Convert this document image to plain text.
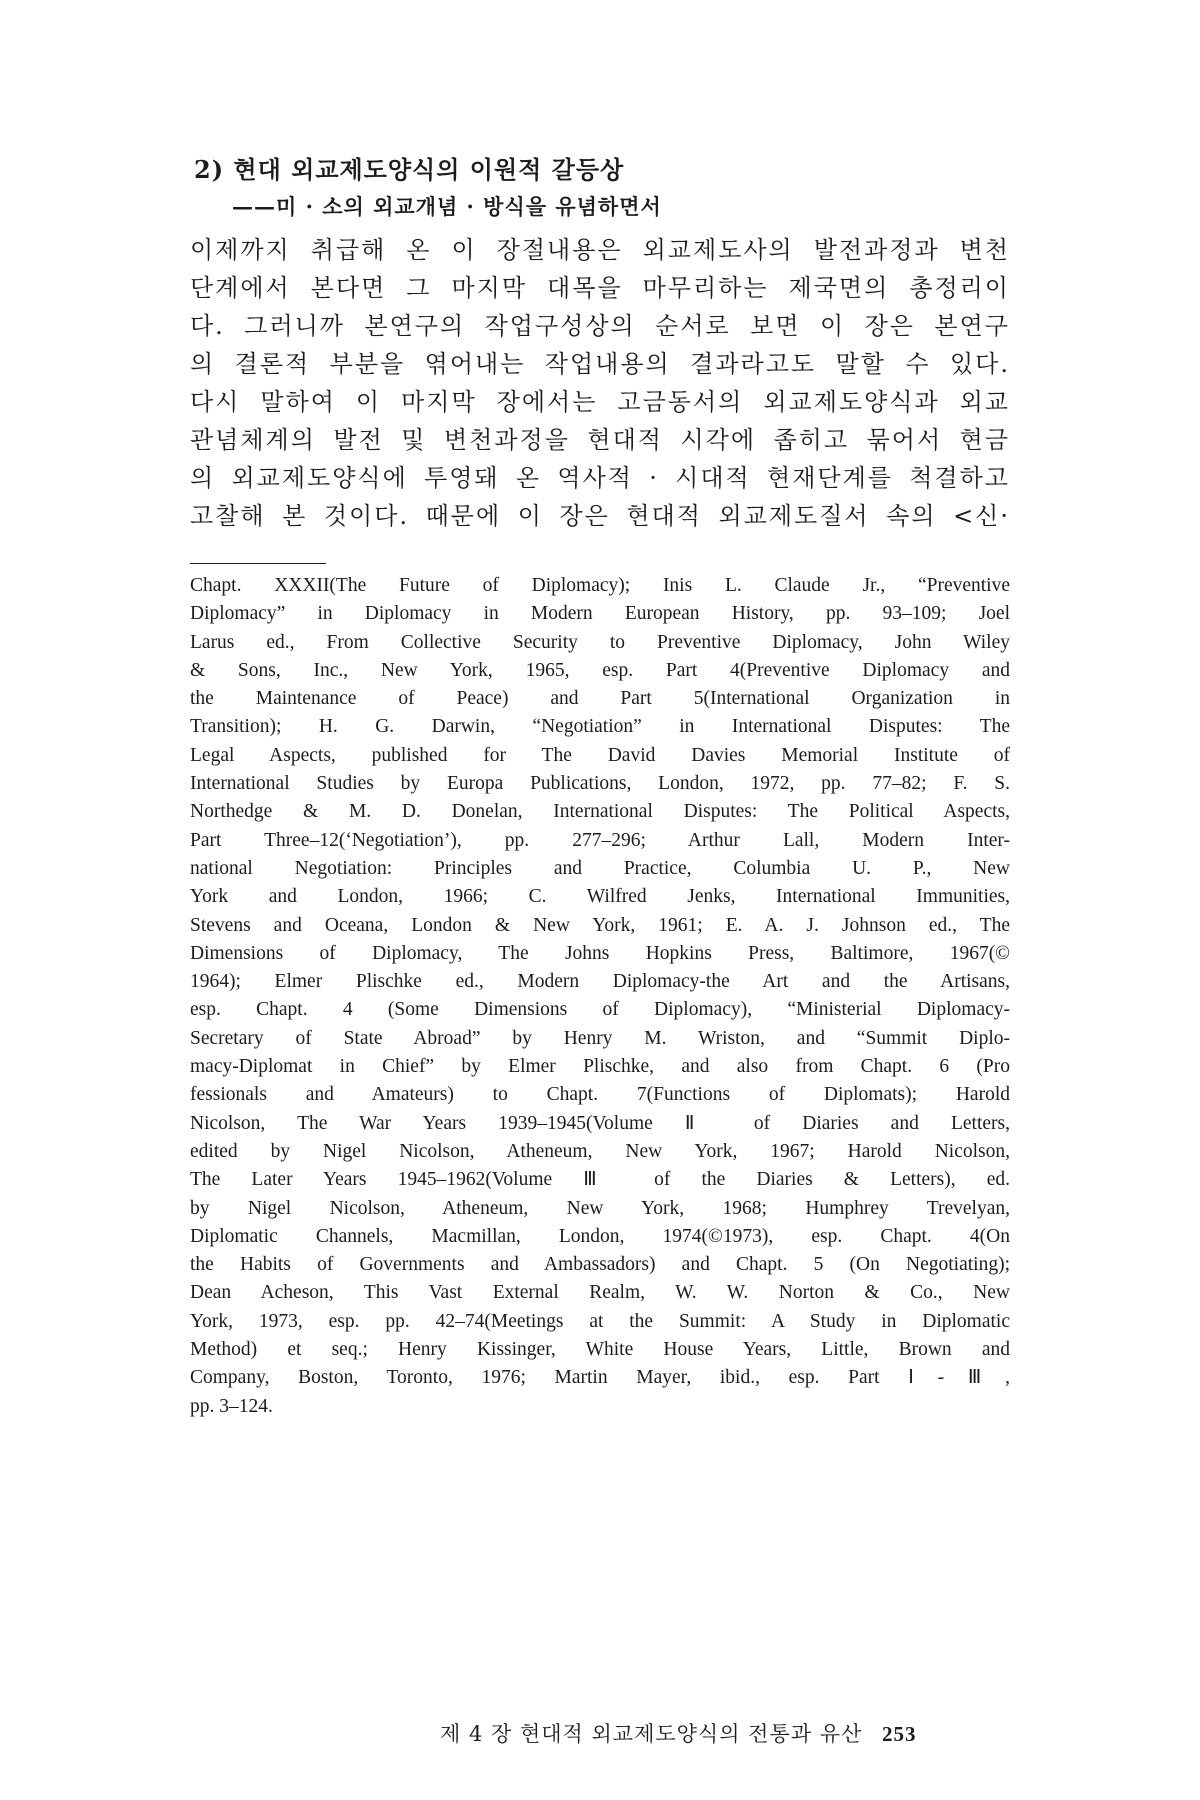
2) 현대 외교제도양식의 이원적 갈등상
——미 · 소의 외교개념 · 방식을 유념하면서

이제까지 취급해 온 이 장절내용은 외교제도사의 발전과정과 변천

단계에서 본다면 그 마지막 대목을 마무리하는 제국면의 총정리이

다. 그러니까 본연구의 작업구성상의 순서로 보면 이 장은 본연구

의 결론적 부분을 엮어내는 작업내용의 결과라고도 말할 수 있다.

다시 말하여 이 마지막 장에서는 고금동서의 외교제도양식과 외교

관념체계의 발전 및 변천과정을 현대적 시각에 좁히고 묶어서 현금

의 외교제도양식에 투영돼 온 역사적 · 시대적 현재단계를 척결하고

고찰해 본 것이다. 때문에 이 장은 현대적 외교제도질서 속의 <신·

Chapt. XXXII(The Future of Diplomacy); Inis L. Claude Jr., “Preventive

Diplomacy” in Diplomacy in Modern European History, pp. 93–109; Joel

Larus ed., From Collective Security to Preventive Diplomacy, John Wiley

& Sons, Inc., New York, 1965, esp. Part 4(Preventive Diplomacy and

the Maintenance of Peace) and Part 5(International Organization in

Transition); H. G. Darwin, “Negotiation” in International Disputes: The

Legal Aspects, published for The David Davies Memorial Institute of

International Studies by Europa Publications, London, 1972, pp. 77–82; F. S.

Northedge & M. D. Donelan, International Disputes: The Political Aspects,

Part Three–12(‘Negotiation’), pp. 277–296; Arthur Lall, Modern Inter-

national Negotiation: Principles and Practice, Columbia U. P., New

York and London, 1966; C. Wilfred Jenks, International Immunities,

Stevens and Oceana, London & New York, 1961; E. A. J. Johnson ed., The

Dimensions of Diplomacy, The Johns Hopkins Press, Baltimore, 1967(©

1964); Elmer Plischke ed., Modern Diplomacy-the Art and the Artisans,

esp. Chapt. 4 (Some Dimensions of Diplomacy), “Ministerial Diplomacy-

Secretary of State Abroad” by Henry M. Wriston, and “Summit Diplo-

macy-Diplomat in Chief” by Elmer Plischke, and also from Chapt. 6 (Pro

fessionals and Amateurs) to Chapt. 7(Functions of Diplomats); Harold

Nicolson, The War Years 1939–1945(Volume Ⅱ of Diaries and Letters,

edited by Nigel Nicolson, Atheneum, New York, 1967; Harold Nicolson,

The Later Years 1945–1962(Volume Ⅲ of the Diaries & Letters), ed.

by Nigel Nicolson, Atheneum, New York, 1968; Humphrey Trevelyan,

Diplomatic Channels, Macmillan, London, 1974(©1973), esp. Chapt. 4(On

the Habits of Governments and Ambassadors) and Chapt. 5 (On Negotiating);

Dean Acheson, This Vast External Realm, W. W. Norton & Co., New

York, 1973, esp. pp. 42–74(Meetings at the Summit: A Study in Diplomatic

Method) et seq.; Henry Kissinger, White House Years, Little, Brown and

Company, Boston, Toronto, 1976; Martin Mayer, ibid., esp. Part Ⅰ-Ⅲ,

pp. 3–124.

제 4 장 현대적 외교제도양식의 전통과 유산 253
